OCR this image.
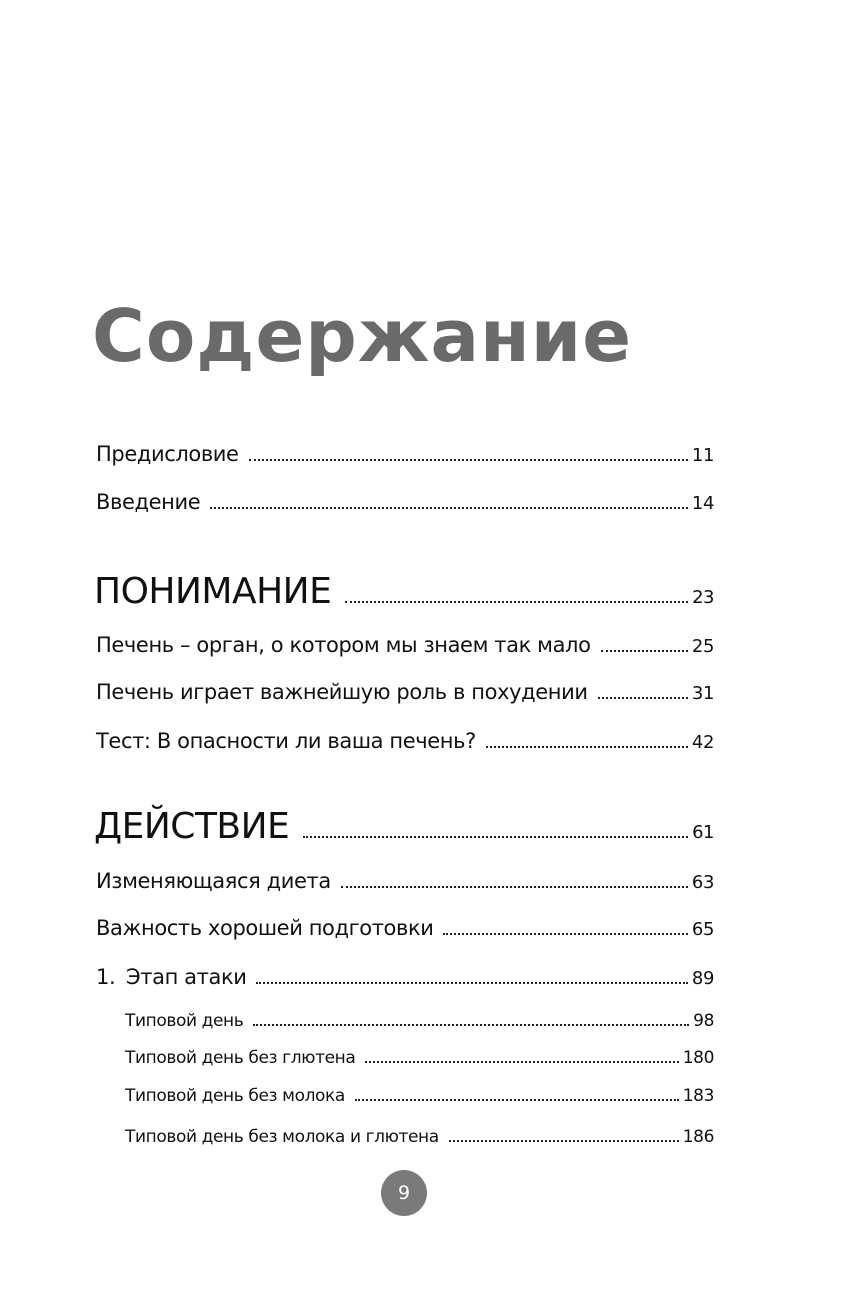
Содержание
Предисловие	11
Введение	14
ПОНИМАНИЕ	23
Печень – орган, о котором мы знаем так мало	25
Печень играет важнейшую роль в похудении	31
Тест: В опасности ли ваша печень?	42
ДЕЙСТВИЕ	61
Изменяющаяся диета	63
Важность хорошей подготовки	65
1. Этап атаки	89
Типовой день	98
Типовой день без глютена	180
Типовой день без молока	183
Типовой день без молока и глютена	186
9
